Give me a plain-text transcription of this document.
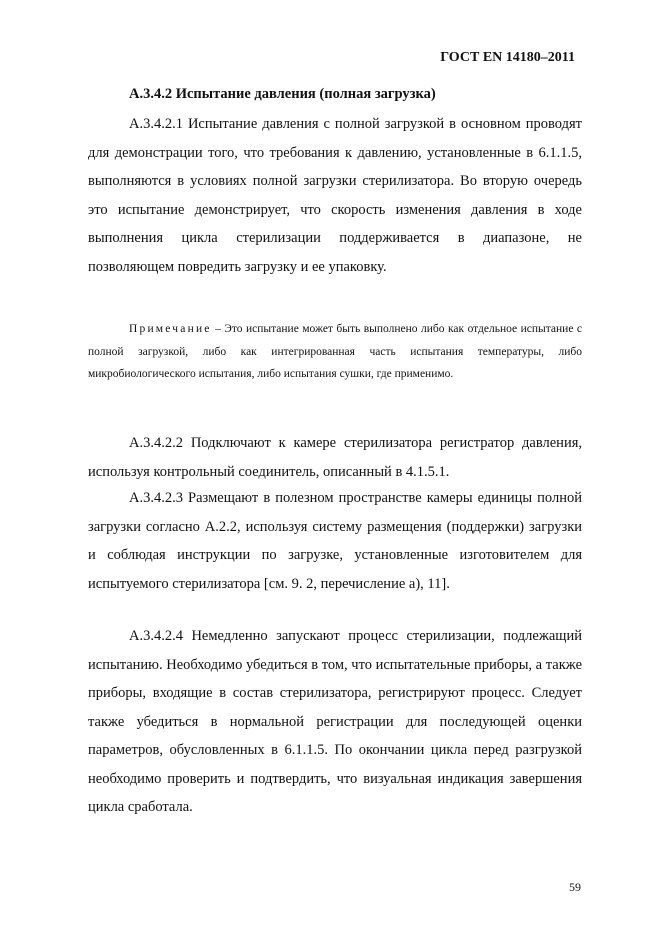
ГОСТ EN 14180–2011
А.3.4.2 Испытание давления (полная загрузка)

А.3.4.2.1 Испытание давления с полной загрузкой в основном проводят для демонстрации того, что требования к давлению, установленные в 6.1.1.5, выполняются в условиях полной загрузки стерилизатора. Во вторую очередь это испытание демонстрирует, что скорость изменения давления в ходе выполнения цикла стерилизации поддерживается в диапазоне, не позволяющем повредить загрузку и ее упаковку.

Примечание – Это испытание может быть выполнено либо как отдельное испытание с полной загрузкой, либо как интегрированная часть испытания температуры, либо микробиологического испытания, либо испытания сушки, где применимо.

А.3.4.2.2 Подключают к камере стерилизатора регистратор давления, используя контрольный соединитель, описанный в 4.1.5.1.

А.3.4.2.3 Размещают в полезном пространстве камеры единицы полной загрузки согласно А.2.2, используя систему размещения (поддержки) загрузки и соблюдая инструкции по загрузке, установленные изготовителем для испытуемого стерилизатора [см. 9. 2, перечисление а), 11].

А.3.4.2.4 Немедленно запускают процесс стерилизации, подлежащий испытанию. Необходимо убедиться в том, что испытательные приборы, а также приборы, входящие в состав стерилизатора, регистрируют процесс. Следует также убедиться в нормальной регистрации для последующей оценки параметров, обусловленных в 6.1.1.5. По окончании цикла перед разгрузкой необходимо проверить и подтвердить, что визуальная индикация завершения цикла сработала.

59
